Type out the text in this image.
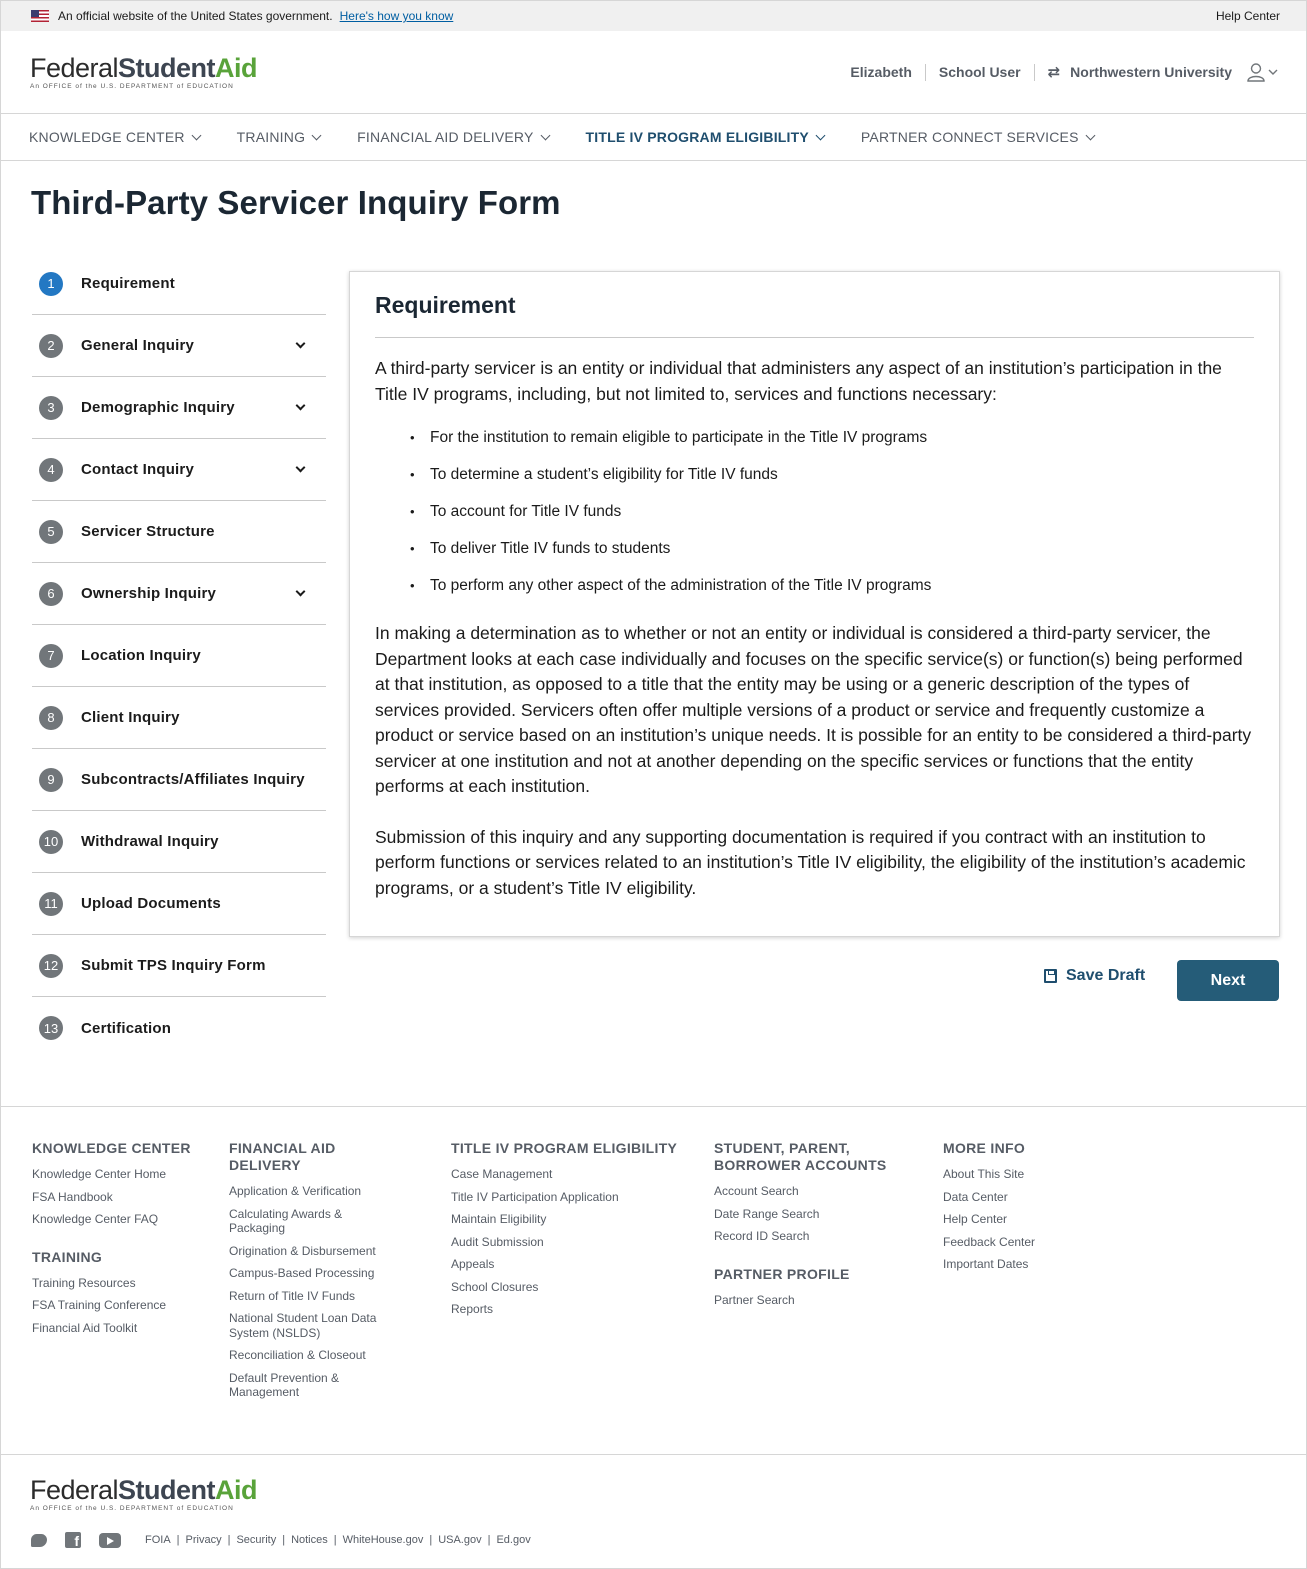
An official website of the United States government. Here's how you know	Help Center
FederalStudentAid
An OFFICE of the U.S. DEPARTMENT of EDUCATION
Elizabeth School User ⇄ Northwestern University
KNOWLEDGE CENTER	TRAINING	FINANCIAL AID DELIVERY	TITLE IV PROGRAM ELIGIBILITY	PARTNER CONNECT SERVICES
Third-Party Servicer Inquiry Form
1	Requirement
2	General Inquiry
3	Demographic Inquiry
4	Contact Inquiry
5	Servicer Structure
6	Ownership Inquiry
7	Location Inquiry
8	Client Inquiry
9	Subcontracts/Affiliates Inquiry
10	Withdrawal Inquiry
11	Upload Documents
12	Submit TPS Inquiry Form
13	Certification
Requirement

A third-party servicer is an entity or individual that administers any aspect of an institution’s participation in the Title IV programs, including, but not limited to, services and functions necessary:

• For the institution to remain eligible to participate in the Title IV programs
• To determine a student’s eligibility for Title IV funds
• To account for Title IV funds
• To deliver Title IV funds to students
• To perform any other aspect of the administration of the Title IV programs

In making a determination as to whether or not an entity or individual is considered a third-party servicer, the Department looks at each case individually and focuses on the specific service(s) or function(s) being performed at that institution, as opposed to a title that the entity may be using or a generic description of the types of services provided. Servicers often offer multiple versions of a product or service and frequently customize a product or service based on an institution’s unique needs. It is possible for an entity to be considered a third-party servicer at one institution and not at another depending on the specific services or functions that the entity performs at each institution.

Submission of this inquiry and any supporting documentation is required if you contract with an institution to perform functions or services related to an institution’s Title IV eligibility, the eligibility of the institution’s academic programs, or a student’s Title IV eligibility.

Save Draft	Next
KNOWLEDGE CENTER
Knowledge Center Home
FSA Handbook
Knowledge Center FAQ
TRAINING
Training Resources
FSA Training Conference
Financial Aid Toolkit
FINANCIAL AID DELIVERY
Application & Verification
Calculating Awards & Packaging
Origination & Disbursement
Campus-Based Processing
Return of Title IV Funds
National Student Loan Data System (NSLDS)
Reconciliation & Closeout
Default Prevention & Management
TITLE IV PROGRAM ELIGIBILITY
Case Management
Title IV Participation Application
Maintain Eligibility
Audit Submission
Appeals
School Closures
Reports
STUDENT, PARENT, BORROWER ACCOUNTS
Account Search
Date Range Search
Record ID Search
PARTNER PROFILE
Partner Search
MORE INFO
About This Site
Data Center
Help Center
Feedback Center
Important Dates
FederalStudentAid
An OFFICE of the U.S. DEPARTMENT of EDUCATION
f	FOIA | Privacy | Security | Notices | WhiteHouse.gov | USA.gov | Ed.gov
